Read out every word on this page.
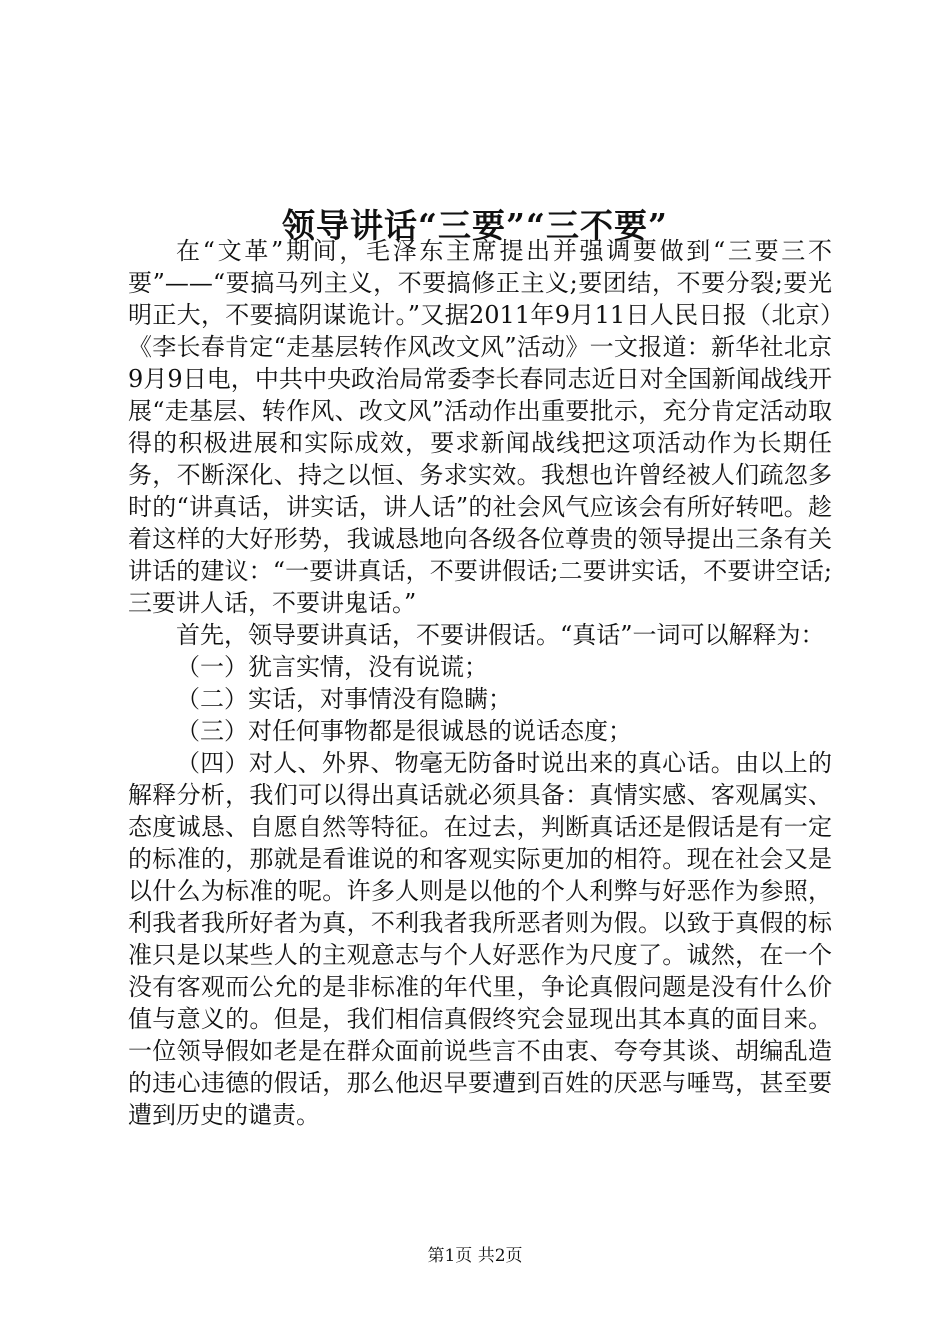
领导讲话“三要”“三不要”

在“文革”期间，毛泽东主席提出并强调要做到“三要三不要”——“要搞马列主义，不要搞修正主义;要团结，不要分裂;要光明正大，不要搞阴谋诡计。”又据2011年9月11日人民日报（北京）《李长春肯定“走基层转作风改文风”活动》一文报道：新华社北京9月9日电，中共中央政治局常委李长春同志近日对全国新闻战线开展“走基层、转作风、改文风”活动作出重要批示，充分肯定活动取得的积极进展和实际成效，要求新闻战线把这项活动作为长期任务，不断深化、持之以恒、务求实效。我想也许曾经被人们疏忽多时的“讲真话，讲实话，讲人话”的社会风气应该会有所好转吧。趁着这样的大好形势，我诚恳地向各级各位尊贵的领导提出三条有关讲话的建议：“一要讲真话，不要讲假话;二要讲实话，不要讲空话;三要讲人话，不要讲鬼话。”

首先，领导要讲真话，不要讲假话。“真话”一词可以解释为：

（一）犹言实情，没有说谎；

（二）实话，对事情没有隐瞒；

（三）对任何事物都是很诚恳的说话态度；

（四）对人、外界、物毫无防备时说出来的真心话。由以上的解释分析，我们可以得出真话就必须具备：真情实感、客观属实、态度诚恳、自愿自然等特征。在过去，判断真话还是假话是有一定的标准的，那就是看谁说的和客观实际更加的相符。现在社会又是以什么为标准的呢。许多人则是以他的个人利弊与好恶作为参照，利我者我所好者为真，不利我者我所恶者则为假。以致于真假的标准只是以某些人的主观意志与个人好恶作为尺度了。诚然，在一个没有客观而公允的是非标准的年代里，争论真假问题是没有什么价值与意义的。但是，我们相信真假终究会显现出其本真的面目来。一位领导假如老是在群众面前说些言不由衷、夸夸其谈、胡编乱造的违心违德的假话，那么他迟早要遭到百姓的厌恶与唾骂，甚至要遭到历史的谴责。

第1页 共2页
